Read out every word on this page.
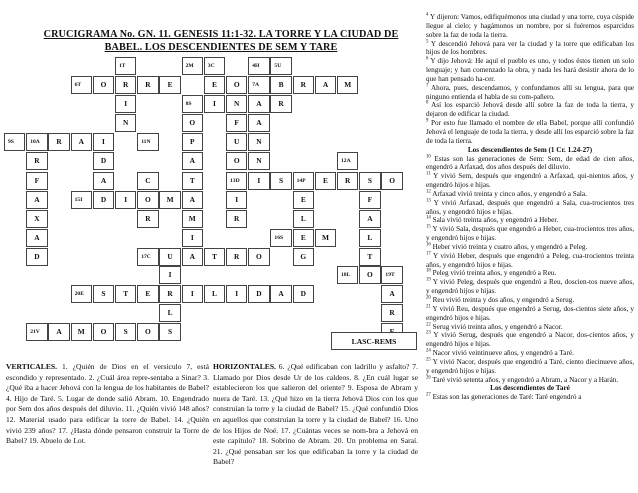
CRUCIGRAMA No. GN. 11. GENESIS 11:1-32. LA TORRE Y LA CIUDAD DE
BABEL. LOS DESCENDIENTES DE SEM Y TARE
1T	2M	3C	4H	5U
6T	O R R E	E O 7A	B R A M
I	8S	I N A R
N	O	F A
9S	10A R A I	11N	P	U N
R	D	A	O N	12A
F	A	C	T	13D I	S 14P E R S O
A	15I D I O M A	I	E	F
X	R	M	R	L	A
A	I	16S E M	L
D	17C U A T R O	G	T
I	18L O 19T
20E S T E R I L I D A D	A
L	R
21V A M O S O S
LASC-REMS
VERTICALES. 1. ¿Quién de Dios en el versículo 7, está escondido y representado. 2. ¿Cuál área repre-sentaba a Sinar? 3. ¿Qué iba a hacer Jehová con la lengua de los habitantes de Babel? 4. Hijo de Taré. 5. Lugar de donde salió Abram. 10. Engendrado por Sem dos años después del diluvio. 11. ¿Quién vivió 148 años? 12. Material usado para edificar la torre de Babel. 14. ¿Quién vivió 239 años? 17. ¿Hasta dónde pensaron construir la Torre de Babel? 19. Abuelo de Lot.
HORIZONTALES. 6. ¿Qué edificaban con ladrillo y asfalto? 7. Llamado por Dios desde Ur de los caldeos. 8. ¿En cuál lugar se establecieron los que salieron del oriente? 9. Esposa de Abram y nuera de Taré. 13. ¿Qué hizo en la tierra Jehová Dios con los que construían la torre y la ciudad de Babel? 15. ¿Qué confundió Dios en aquellos que construían la torre y la ciudad de Babel? 16. Uno de los Hijos de Noé. 17. ¿Cuántas veces se nom-bra a Jehová en este capítulo? 18. Sobrino de Abram. 20. Un problema en Saraí. 21. ¿Qué pensaban ser los que edificaban la torre y la ciudad de Babel?

$^4$ Y dijeron: Vamos, edifiquémonos una ciudad y una torre, cuya cúspide llegue al cielo; y hagámonos un nombre, por si fuéremos esparcidos sobre la faz de toda la tierra.

$^5$ Y descendió Jehová para ver la ciudad y la torre que edificaban los hijos de los hombres.

$^6$ Y dijo Jehová: He aquí el pueblo es uno, y todos éstos tienen un solo lenguaje; y han comenzado la obra, y nada les hará desistir ahora de lo que han pensado ha-cer.

$^7$ Ahora, pues, descendamos, y confundamos allí su lengua, para que ninguno entienda el habla de su com-pañero.

$^8$ Así los esparció Jehová desde allí sobre la faz de toda la tierra, y dejaron de edificar la ciudad.

$^9$ Por esto fue llamado el nombre de ella Babel, porque allí confundió Jehová el lenguaje de toda la tierra, y desde allí los esparció sobre la faz de toda la tierra.

Los descendientes de Sem (1 Cr. 1.24-27)

$^{10}$ Estas son las generaciones de Sem: Sem, de edad de cien años, engendró a Arfaxad, dos años después del diluvio.

$^{11}$ Y vivió Sem, después que engendró a Arfaxad, qui-nientos años, y engendró hijos e hijas.

$^{12}$ Arfaxad vivió treinta y cinco años, y engendró a Sala.

$^{13}$ Y vivió Arfaxad, después que engendró a Sala, cua-trocientos tres años, y engendró hijos e hijas.

$^{14}$ Sala vivió treinta años, y engendró a Heber.

$^{15}$ Y vivió Sala, después que engendró a Heber, cua-trocientos tres años, y engendró hijos e hijas.

$^{16}$ Heber vivió treinta y cuatro años, y engendró a Peleg.

$^{17}$ Y vivió Heber, después que engendró a Peleg, cua-trocientos treinta años, y engendró hijos e hijas.

$^{18}$ Peleg vivió treinta años, y engendró a Reu.

$^{19}$ Y vivió Peleg, después que engendró a Reu, doscien-tos nueve años, y engendró hijos e hijas.

$^{20}$ Reu vivió treinta y dos años, y engendró a Serug.

$^{21}$ Y vivió Reu, después que engendró a Serug, dos-cientos siete años, y engendró hijos e hijas.

$^{22}$ Serug vivió treinta años, y engendró a Nacor.

$^{23}$ Y vivió Serug, después que engendró a Nacor, dos-cientos años, y engendró hijos e hijas.

$^{24}$ Nacor vivió veintinueve años, y engendró a Taré.

$^{25}$ Y vivió Nacor, después que engendró a Taré, ciento diecinueve años, y engendró hijos e hijas.

$^{26}$ Taré vivió setenta años, y engendró a Abram, a Nacor y a Harán.

Los descendientes de Taré

$^{27}$ Estas son las generaciones de Taré: Taré engendró a
